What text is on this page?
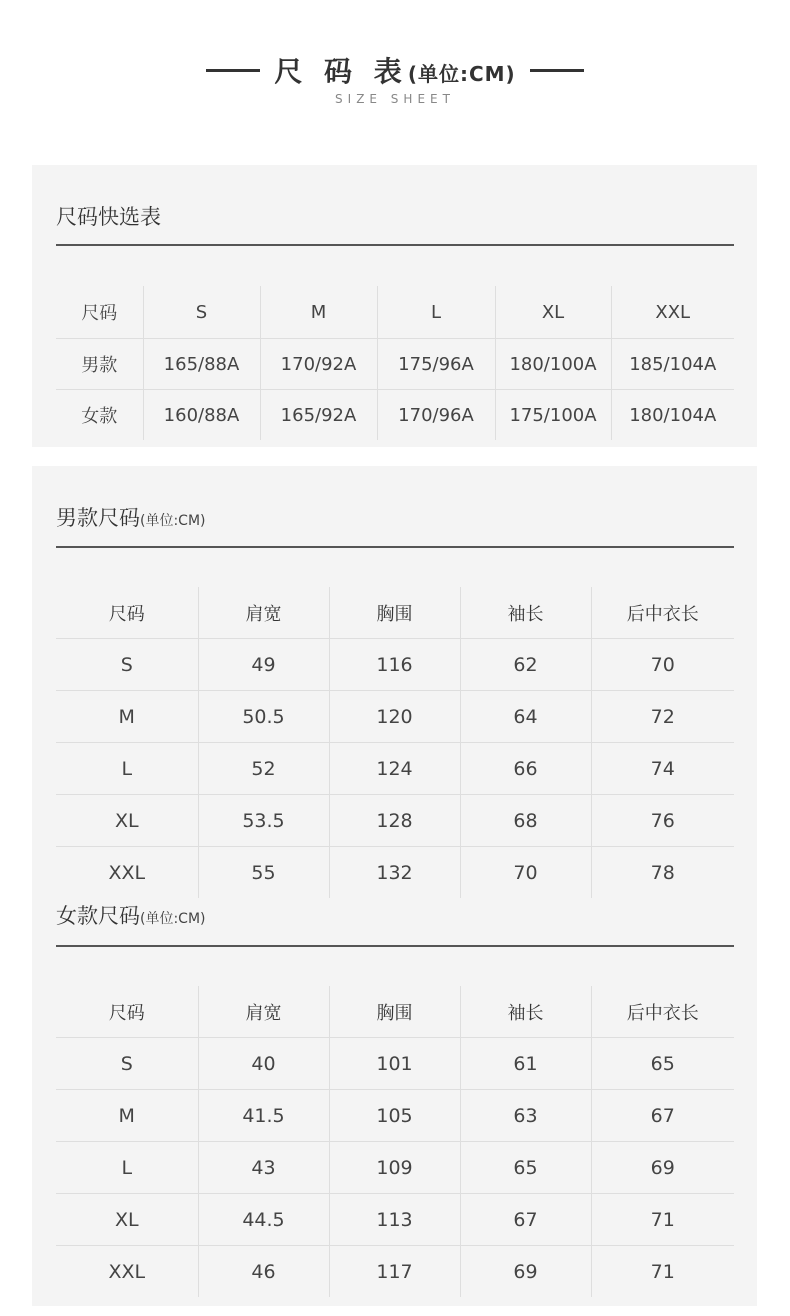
尺 码 表(单位:CM)
SIZE SHEET
尺码快选表
尺码	S	M	L	XL	XXL
男款	165/88A	170/92A	175/96A	180/100A	185/104A
女款	160/88A	165/92A	170/96A	175/100A	180/104A
男款尺码(单位:CM)
尺码	肩宽	胸围	袖长	后中衣长
S	49	116	62	70
M	50.5	120	64	72
L	52	124	66	74
XL	53.5	128	68	76
XXL	55	132	70	78
女款尺码(单位:CM)
尺码	肩宽	胸围	袖长	后中衣长
S	40	101	61	65
M	41.5	105	63	67
L	43	109	65	69
XL	44.5	113	67	71
XXL	46	117	69	71
